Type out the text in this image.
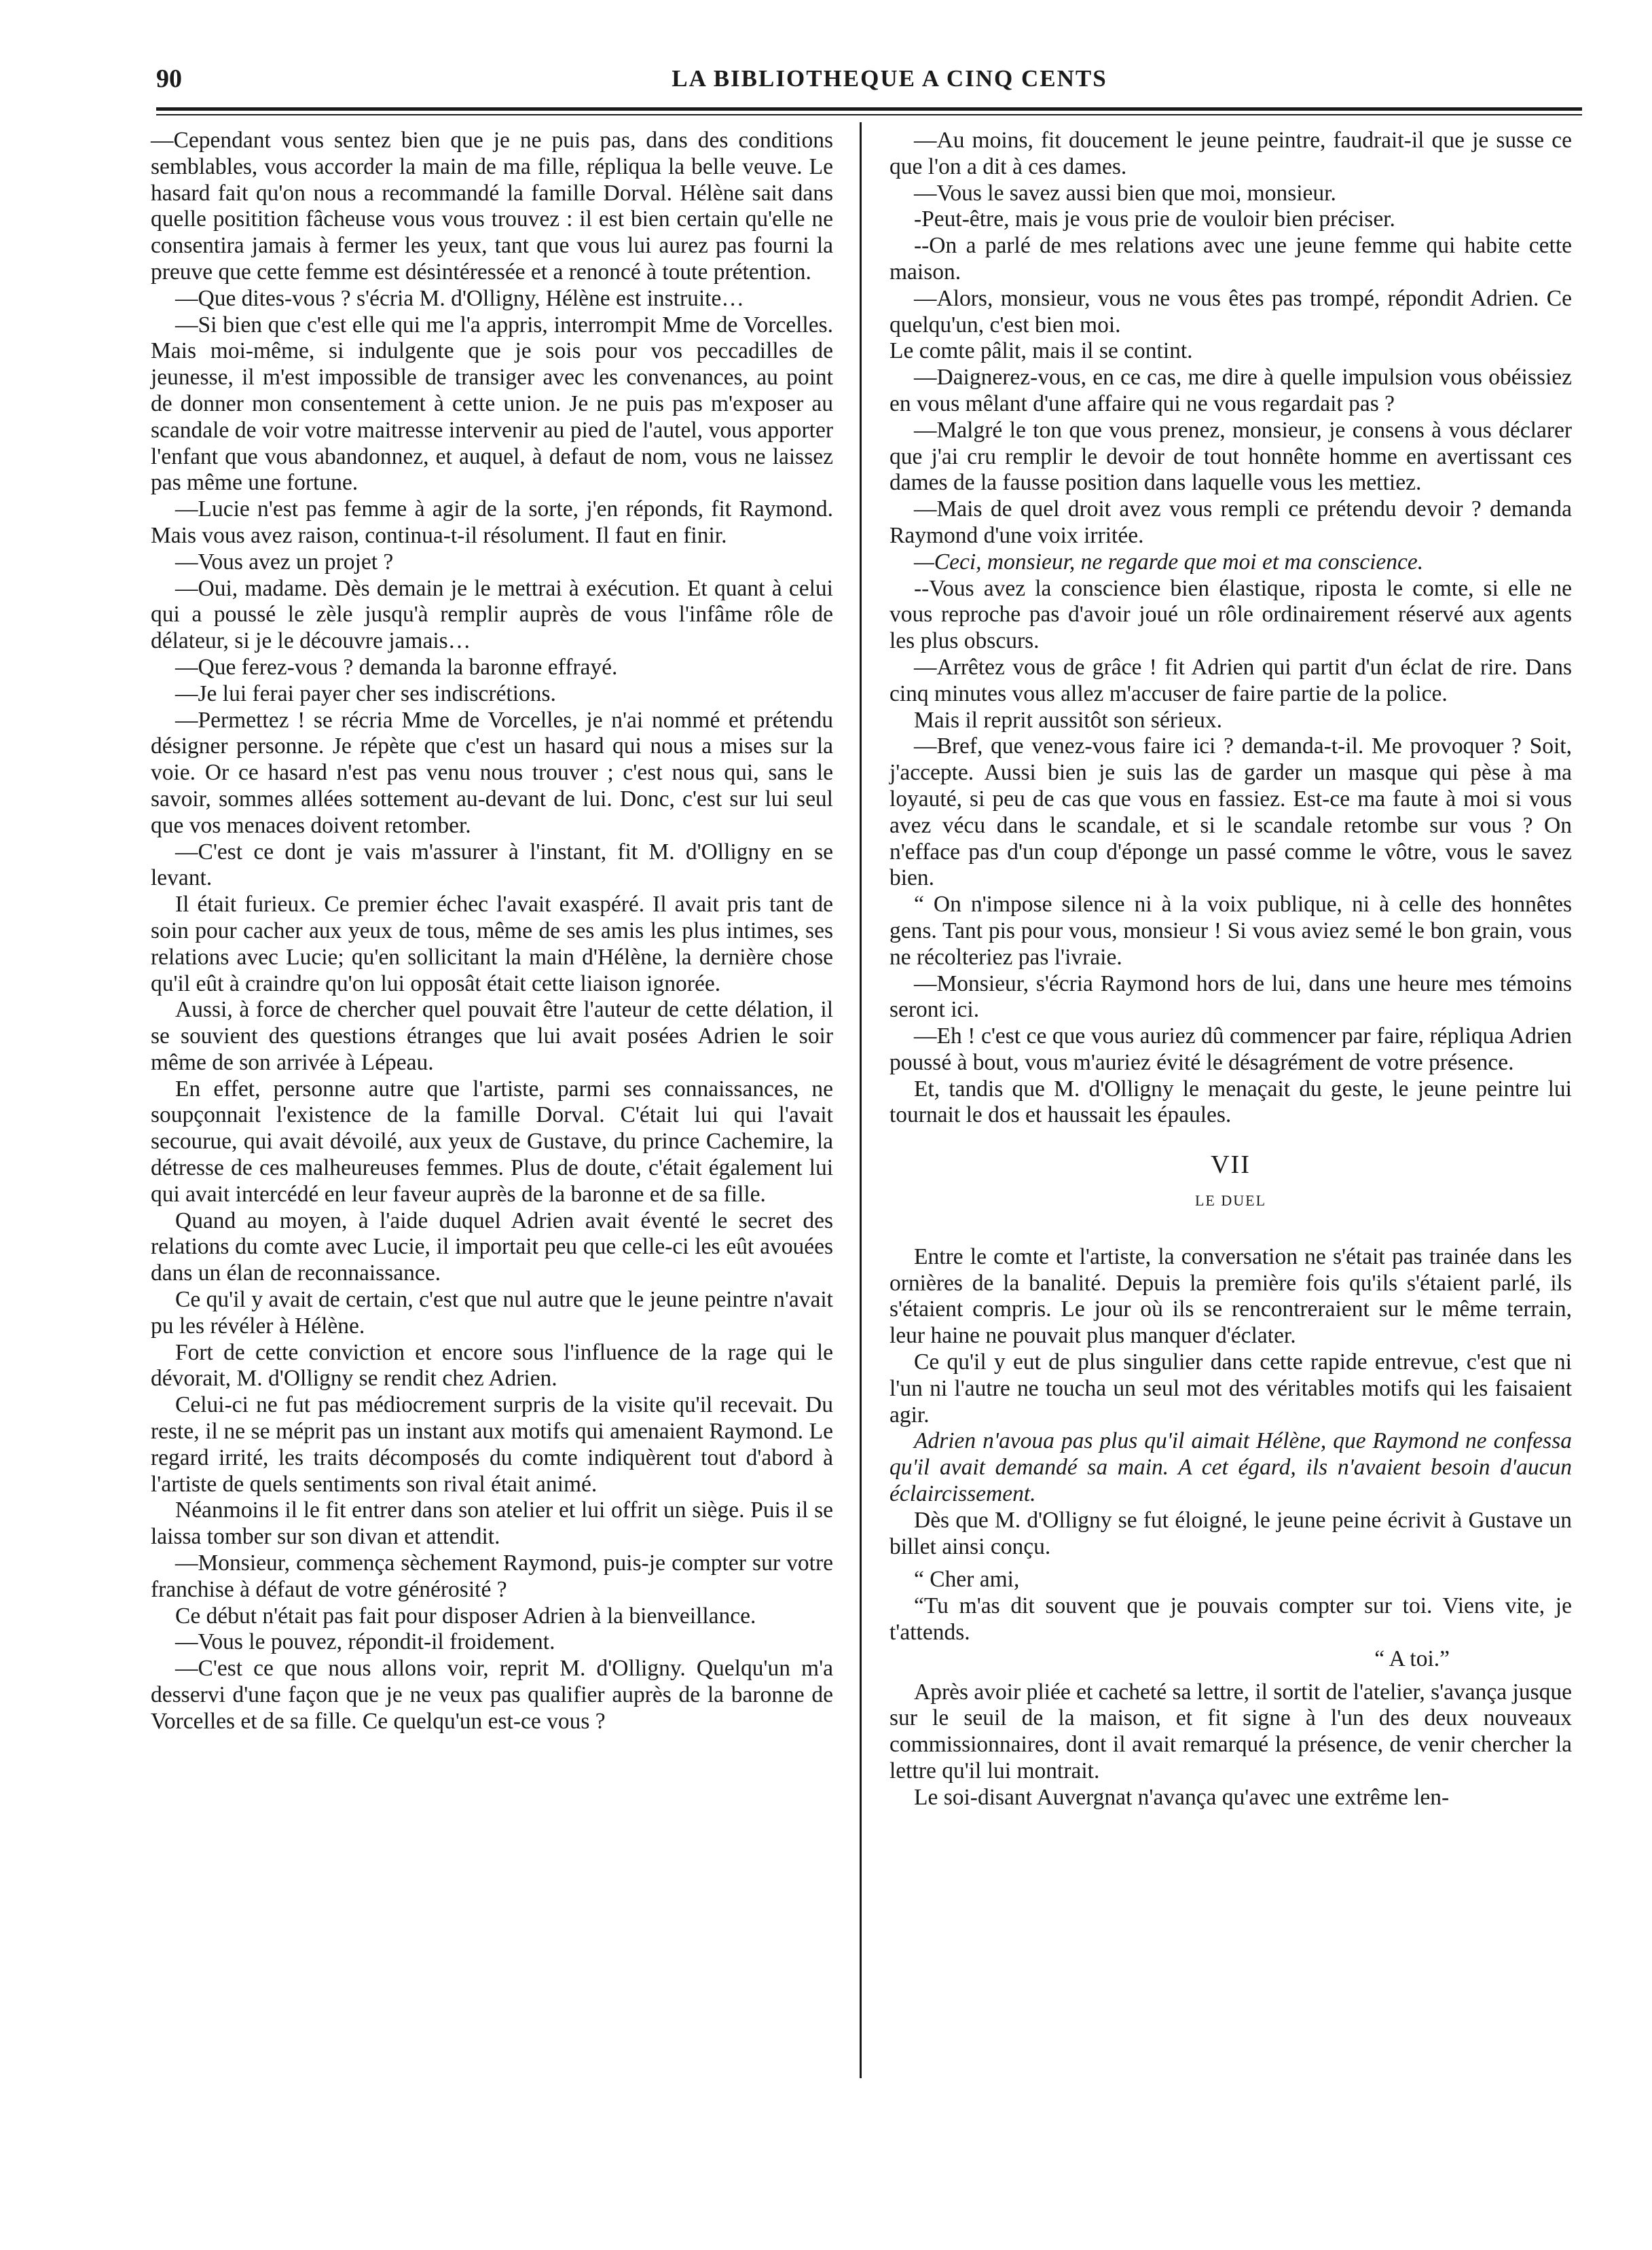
90	LA BIBLIOTHEQUE A CINQ CENTS

—Cependant vous sentez bien que je ne puis pas, dans des conditions semblables, vous accorder la main de ma fille, répliqua la belle veuve. Le hasard fait qu'on nous a recommandé la famille Dorval. Hélène sait dans quelle positition fâcheuse vous vous trouvez : il est bien certain qu'elle ne consentira jamais à fermer les yeux, tant que vous lui aurez pas fourni la preuve que cette femme est désintéressée et a renoncé à toute prétention.

—Que dites-vous ? s'écria M. d'Olligny, Hélène est instruite…

—Si bien que c'est elle qui me l'a appris, interrompit Mme de Vorcelles. Mais moi-même, si indulgente que je sois pour vos peccadilles de jeunesse, il m'est impossible de transiger avec les convenances, au point de donner mon consentement à cette union. Je ne puis pas m'exposer au scandale de voir votre maitresse intervenir au pied de l'autel, vous apporter l'enfant que vous abandonnez, et auquel, à defaut de nom, vous ne laissez pas même une fortune.

—Lucie n'est pas femme à agir de la sorte, j'en réponds, fit Raymond. Mais vous avez raison, continua-t-il résolument. Il faut en finir.

—Vous avez un projet ?

—Oui, madame. Dès demain je le mettrai à exécution. Et quant à celui qui a poussé le zèle jusqu'à remplir auprès de vous l'infâme rôle de délateur, si je le découvre jamais…

—Que ferez-vous ? demanda la baronne effrayé.

—Je lui ferai payer cher ses indiscrétions.

—Permettez ! se récria Mme de Vorcelles, je n'ai nommé et prétendu désigner personne. Je répète que c'est un hasard qui nous a mises sur la voie. Or ce hasard n'est pas venu nous trouver ; c'est nous qui, sans le savoir, sommes allées sottement au-devant de lui. Donc, c'est sur lui seul que vos menaces doivent retomber.

—C'est ce dont je vais m'assurer à l'instant, fit M. d'Olligny en se levant.

Il était furieux. Ce premier échec l'avait exaspéré. Il avait pris tant de soin pour cacher aux yeux de tous, même de ses amis les plus intimes, ses relations avec Lucie; qu'en sollicitant la main d'Hélène, la dernière chose qu'il eût à craindre qu'on lui opposât était cette liaison ignorée.

Aussi, à force de chercher quel pouvait être l'auteur de cette délation, il se souvient des questions étranges que lui avait posées Adrien le soir même de son arrivée à Lépeau.

En effet, personne autre que l'artiste, parmi ses connaissances, ne soupçonnait l'existence de la famille Dorval. C'était lui qui l'avait secourue, qui avait dévoilé, aux yeux de Gustave, du prince Cachemire, la détresse de ces malheureuses femmes. Plus de doute, c'était également lui qui avait intercédé en leur faveur auprès de la baronne et de sa fille.

Quand au moyen, à l'aide duquel Adrien avait éventé le secret des relations du comte avec Lucie, il importait peu que celle-ci les eût avouées dans un élan de reconnaissance.

Ce qu'il y avait de certain, c'est que nul autre que le jeune peintre n'avait pu les révéler à Hélène.

Fort de cette conviction et encore sous l'influence de la rage qui le dévorait, M. d'Olligny se rendit chez Adrien.

Celui-ci ne fut pas médiocrement surpris de la visite qu'il recevait. Du reste, il ne se méprit pas un instant aux motifs qui amenaient Raymond. Le regard irrité, les traits décomposés du comte indiquèrent tout d'abord à l'artiste de quels sentiments son rival était animé.

Néanmoins il le fit entrer dans son atelier et lui offrit un siège. Puis il se laissa tomber sur son divan et attendit.

—Monsieur, commença sèchement Raymond, puis-je compter sur votre franchise à défaut de votre générosité ?

Ce début n'était pas fait pour disposer Adrien à la bienveillance.

—Vous le pouvez, répondit-il froidement.

—C'est ce que nous allons voir, reprit M. d'Olligny. Quelqu'un m'a desservi d'une façon que je ne veux pas qualifier auprès de la baronne de Vorcelles et de sa fille. Ce quelqu'un est-ce vous ?

—Au moins, fit doucement le jeune peintre, faudrait-il que je susse ce que l'on a dit à ces dames.

—Vous le savez aussi bien que moi, monsieur.

-Peut-être, mais je vous prie de vouloir bien préciser.

--On a parlé de mes relations avec une jeune femme qui habite cette maison.

—Alors, monsieur, vous ne vous êtes pas trompé, répondit Adrien. Ce quelqu'un, c'est bien moi.

Le comte pâlit, mais il se contint.

—Daignerez-vous, en ce cas, me dire à quelle impulsion vous obéissiez en vous mêlant d'une affaire qui ne vous regardait pas ?

—Malgré le ton que vous prenez, monsieur, je consens à vous déclarer que j'ai cru remplir le devoir de tout honnête homme en avertissant ces dames de la fausse position dans laquelle vous les mettiez.

—Mais de quel droit avez vous rempli ce prétendu devoir ? demanda Raymond d'une voix irritée.

—Ceci, monsieur, ne regarde que moi et ma conscience.

--Vous avez la conscience bien élastique, riposta le comte, si elle ne vous reproche pas d'avoir joué un rôle ordinairement réservé aux agents les plus obscurs.

—Arrêtez vous de grâce ! fit Adrien qui partit d'un éclat de rire. Dans cinq minutes vous allez m'accuser de faire partie de la police.

Mais il reprit aussitôt son sérieux.

—Bref, que venez-vous faire ici ? demanda-t-il. Me provoquer ? Soit, j'accepte. Aussi bien je suis las de garder un masque qui pèse à ma loyauté, si peu de cas que vous en fassiez. Est-ce ma faute à moi si vous avez vécu dans le scandale, et si le scandale retombe sur vous ? On n'efface pas d'un coup d'éponge un passé comme le vôtre, vous le savez bien.

“ On n'impose silence ni à la voix publique, ni à celle des honnêtes gens. Tant pis pour vous, monsieur ! Si vous aviez semé le bon grain, vous ne récolteriez pas l'ivraie.

—Monsieur, s'écria Raymond hors de lui, dans une heure mes témoins seront ici.

—Eh ! c'est ce que vous auriez dû commencer par faire, répliqua Adrien poussé à bout, vous m'auriez évité le désagrément de votre présence.

Et, tandis que M. d'Olligny le menaçait du geste, le jeune peintre lui tournait le dos et haussait les épaules.

VII
LE DUEL

Entre le comte et l'artiste, la conversation ne s'était pas trainée dans les ornières de la banalité. Depuis la première fois qu'ils s'étaient parlé, ils s'étaient compris. Le jour où ils se rencontreraient sur le même terrain, leur haine ne pouvait plus manquer d'éclater.

Ce qu'il y eut de plus singulier dans cette rapide entrevue, c'est que ni l'un ni l'autre ne toucha un seul mot des véritables motifs qui les faisaient agir.

Adrien n'avoua pas plus qu'il aimait Hélène, que Raymond ne confessa qu'il avait demandé sa main. A cet égard, ils n'avaient besoin d'aucun éclaircissement.

Dès que M. d'Olligny se fut éloigné, le jeune peine écrivit à Gustave un billet ainsi conçu.

“ Cher ami,

“Tu m'as dit souvent que je pouvais compter sur toi. Viens vite, je t'attends.

“ A toi.”

Après avoir pliée et cacheté sa lettre, il sortit de l'atelier, s'avança jusque sur le seuil de la maison, et fit signe à l'un des deux nouveaux commissionnaires, dont il avait remarqué la présence, de venir chercher la lettre qu'il lui montrait.

Le soi-disant Auvergnat n'avança qu'avec une extrême len-
